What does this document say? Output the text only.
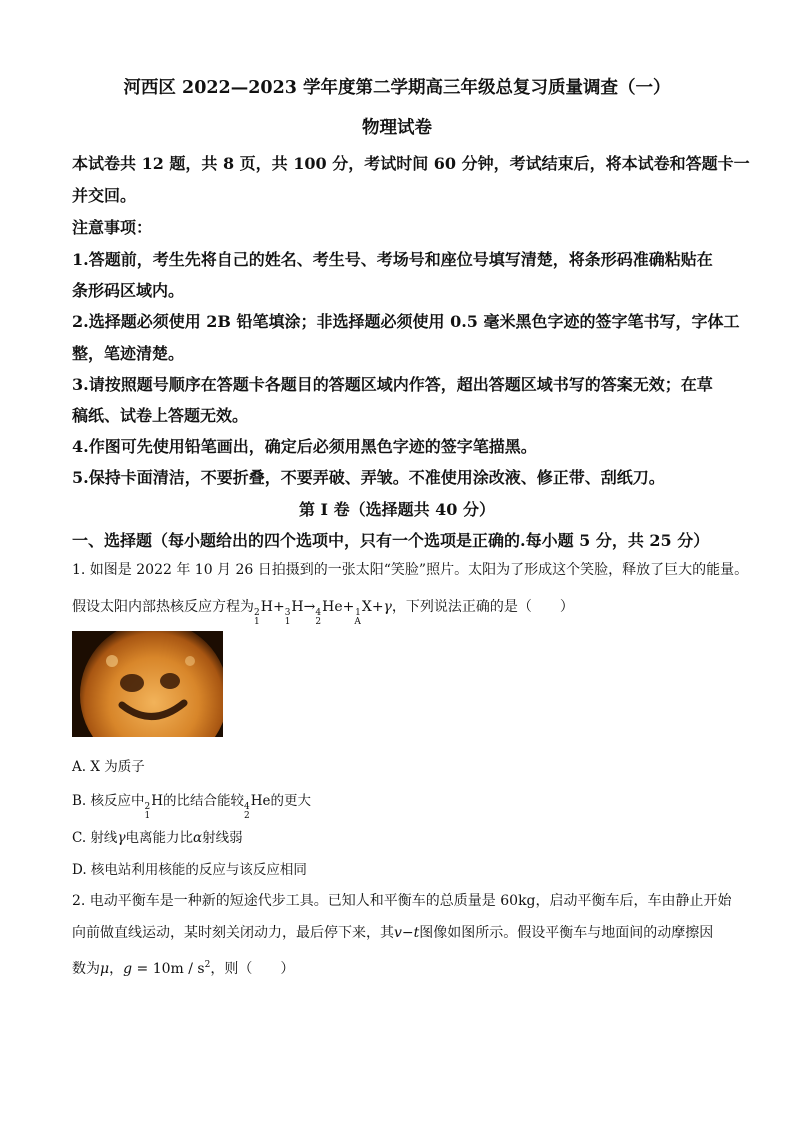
河西区 2022—2023 学年度第二学期高三年级总复习质量调查（一）
物理试卷
本试卷共 12 题，共 8 页，共 100 分，考试时间 60 分钟，考试结束后，将本试卷和答题卡一
并交回。
注意事项：
1.答题前，考生先将自己的姓名、考生号、考场号和座位号填写清楚，将条形码准确粘贴在
条形码区域内。
2.选择题必须使用 2B 铅笔填涂；非选择题必须使用 0.5 毫米黑色字迹的签字笔书写，字体工
整，笔迹清楚。
3.请按照题号顺序在答题卡各题目的答题区域内作答，超出答题区域书写的答案无效；在草
稿纸、试卷上答题无效。
4.作图可先使用铅笔画出，确定后必须用黑色字迹的签字笔描黑。
5.保持卡面清洁，不要折叠，不要弄破、弄皱。不准使用涂改液、修正带、刮纸刀。
第 I 卷（选择题共 40 分）
一、选择题（每小题给出的四个选项中，只有一个选项是正确的.每小题 5 分，共 25 分）
1. 如图是 2022 年 10 月 26 日拍摄到的一张太阳“笑脸”照片。太阳为了形成这个笑脸，释放了巨大的能量。
假设太阳内部热核反应方程为 2
1
H+ 3
1
H→ 4
2
He+ 1
A
X+γ，下列说法正确的是（　　）
A. X 为质子
B. 核反应中 2
1
H的比结合能较 4
2
He的更大
C. 射线γ电离能力比α射线弱
D. 核电站利用核能的反应与该反应相同
2. 电动平衡车是一种新的短途代步工具。已知人和平衡车的总质量是 60kg，启动平衡车后，车由静止开始
向前做直线运动，某时刻关闭动力，最后停下来，其v−t图像如图所示。假设平衡车与地面间的动摩擦因
数为μ，$g = 10m / s^2$，则（　　）
